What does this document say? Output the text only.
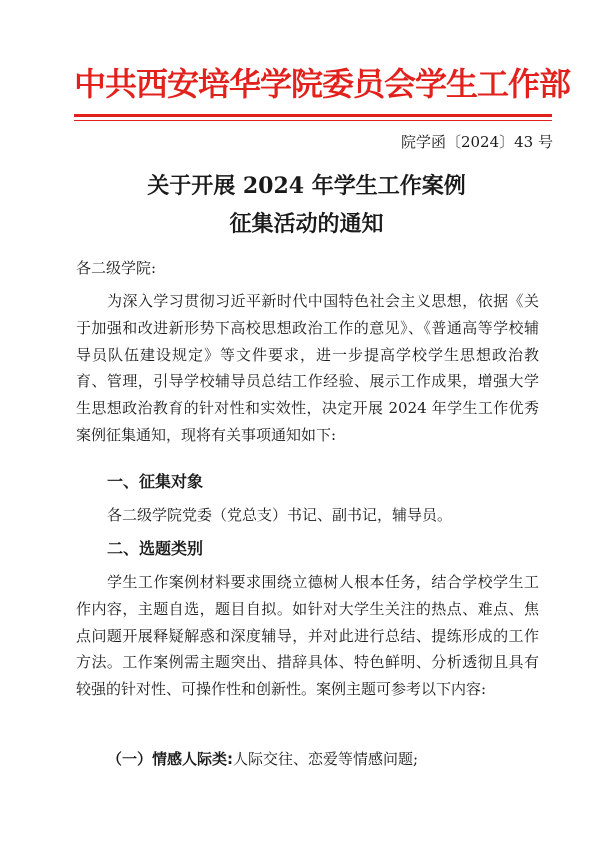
中共西安培华学院委员会学生工作部
院学函〔2024〕43 号
关于开展 2024 年学生工作案例
征集活动的通知
各二级学院:
为深入学习贯彻习近平新时代中国特色社会主义思想，依据《关于加强和改进新形势下高校思想政治工作的意见》、《普通高等学校辅导员队伍建设规定》等文件要求，进一步提高学校学生思想政治教育、管理，引导学校辅导员总结工作经验、展示工作成果，增强大学生思想政治教育的针对性和实效性，决定开展 2024 年学生工作优秀案例征集通知，现将有关事项通知如下:
一、征集对象
各二级学院党委（党总支）书记、副书记，辅导员。
二、选题类别
学生工作案例材料要求围绕立德树人根本任务，结合学校学生工作内容，主题自选，题目自拟。如针对大学生关注的热点、难点、焦点问题开展释疑解惑和深度辅导，并对此进行总结、提练形成的工作方法。工作案例需主题突出、措辞具体、特色鲜明、分析透彻且具有较强的针对性、可操作性和创新性。案例主题可参考以下内容:
（一）情感人际类:人际交往、恋爱等情感问题;
